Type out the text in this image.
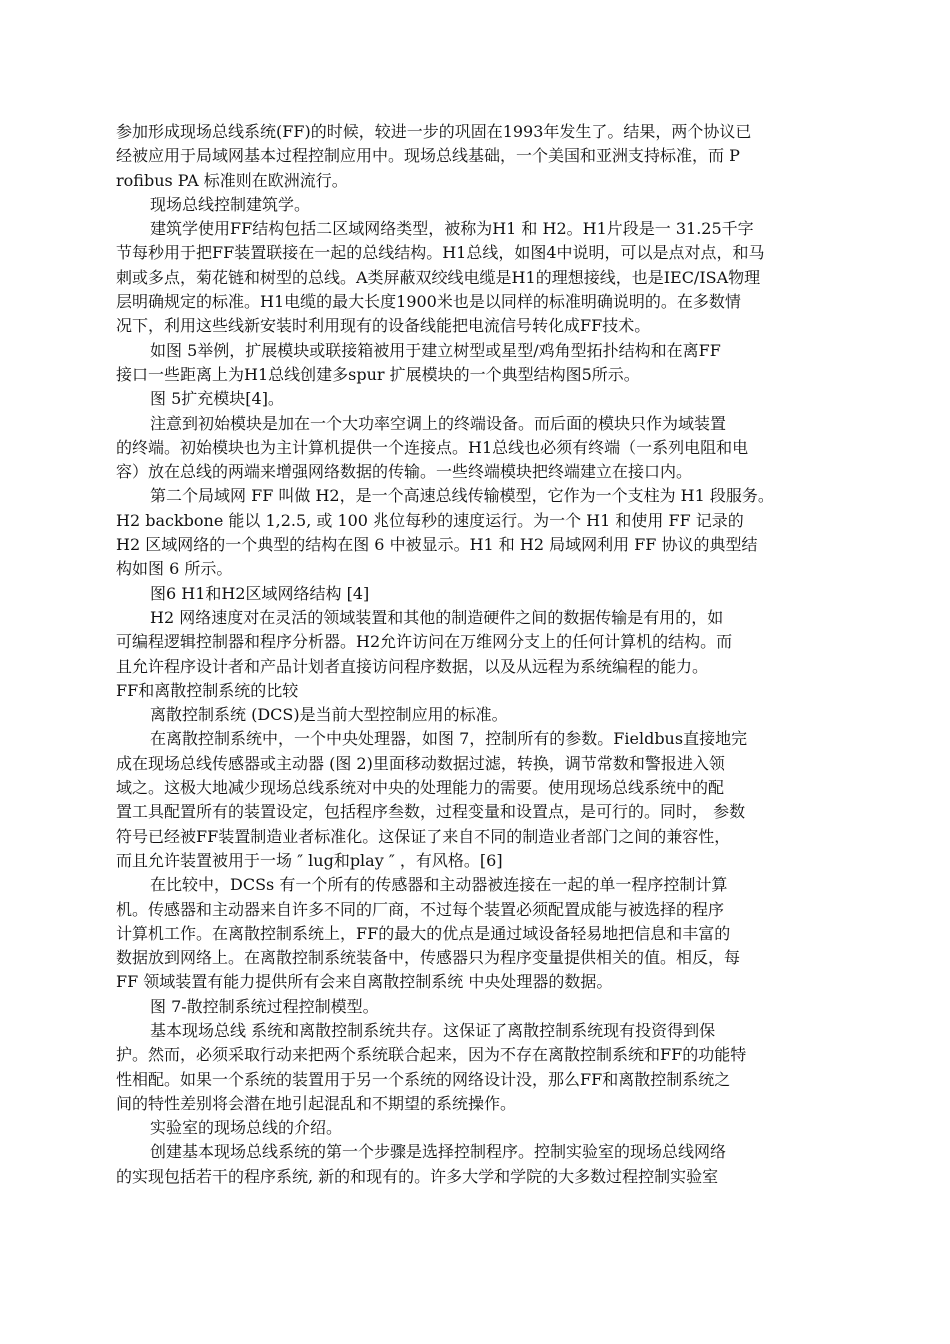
参加形成现场总线系统(FF)的时候，较进一步的巩固在1993年发生了。结果，两个协议已
经被应用于局域网基本过程控制应用中。现场总线基础，一个美国和亚洲支持标准，而 P
rofibus PA 标准则在欧洲流行。
现场总线控制建筑学。
建筑学使用FF结构包括二区域网络类型，被称为H1 和 H2。H1片段是一 31.25千字
节每秒用于把FF装置联接在一起的总线结构。H1总线，如图4中说明，可以是点对点，和马
刺或多点，菊花链和树型的总线。A类屏蔽双绞线电缆是H1的理想接线，也是IEC/ISA物理
层明确规定的标准。H1电缆的最大长度1900米也是以同样的标准明确说明的。在多数情
况下，利用这些线新安装时利用现有的设备线能把电流信号转化成FF技术。
如图 5举例，扩展模块或联接箱被用于建立树型或星型/鸡角型拓扑结构和在离FF
接口一些距离上为H1总线创建多spur 扩展模块的一个典型结构图5所示。
图 5扩充模块[4]。
注意到初始模块是加在一个大功率空调上的终端设备。而后面的模块只作为域装置
的终端。初始模块也为主计算机提供一个连接点。H1总线也必须有终端（一系列电阻和电
容）放在总线的两端来增强网络数据的传输。一些终端模块把终端建立在接口内。
第二个局域网 FF 叫做 H2，是一个高速总线传输模型，它作为一个支柱为 H1 段服务。
H2 backbone 能以 1,2.5, 或 100 兆位每秒的速度运行。为一个 H1 和使用 FF 记录的
H2 区域网络的一个典型的结构在图 6 中被显示。H1 和 H2 局域网利用 FF 协议的典型结
构如图 6 所示。
图6 H1和H2区域网络结构 [4]
H2 网络速度对在灵活的领域装置和其他的制造硬件之间的数据传输是有用的，如
可编程逻辑控制器和程序分析器。H2允许访问在万维网分支上的任何计算机的结构。而
且允许程序设计者和产品计划者直接访问程序数据，以及从远程为系统编程的能力。
FF和离散控制系统的比较
离散控制系统 (DCS)是当前大型控制应用的标准。
在离散控制系统中，一个中央处理器，如图 7，控制所有的参数。Fieldbus直接地完
成在现场总线传感器或主动器 (图 2)里面移动数据过滤，转换，调节常数和警报进入领
域之。这极大地减少现场总线系统对中央的处理能力的需要。使用现场总线系统中的配
置工具配置所有的装置设定，包括程序叁数，过程变量和设置点，是可行的。同时， 参数
符号已经被FF装置制造业者标准化。这保证了来自不同的制造业者部门之间的兼容性，
而且允许装置被用于一场 ″ lug和play ″ ，有风格。[6]
在比较中，DCSs 有一个所有的传感器和主动器被连接在一起的单一程序控制计算
机。传感器和主动器来自许多不同的厂商，不过每个装置必须配置成能与被选择的程序
计算机工作。在离散控制系统上，FF的最大的优点是通过域设备轻易地把信息和丰富的
数据放到网络上。在离散控制系统装备中，传感器只为程序变量提供相关的值。相反，每
FF 领域装置有能力提供所有会来自离散控制系统 中央处理器的数据。
图 7-散控制系统过程控制模型。
基本现场总线 系统和离散控制系统共存。这保证了离散控制系统现有投资得到保
护。然而，必须采取行动来把两个系统联合起来，因为不存在离散控制系统和FF的功能特
性相配。如果一个系统的装置用于另一个系统的网络设计没，那么FF和离散控制系统之
间的特性差别将会潜在地引起混乱和不期望的系统操作。
实验室的现场总线的介绍。
创建基本现场总线系统的第一个步骤是选择控制程序。控制实验室的现场总线网络
的实现包括若干的程序系统, 新的和现有的。许多大学和学院的大多数过程控制实验室
